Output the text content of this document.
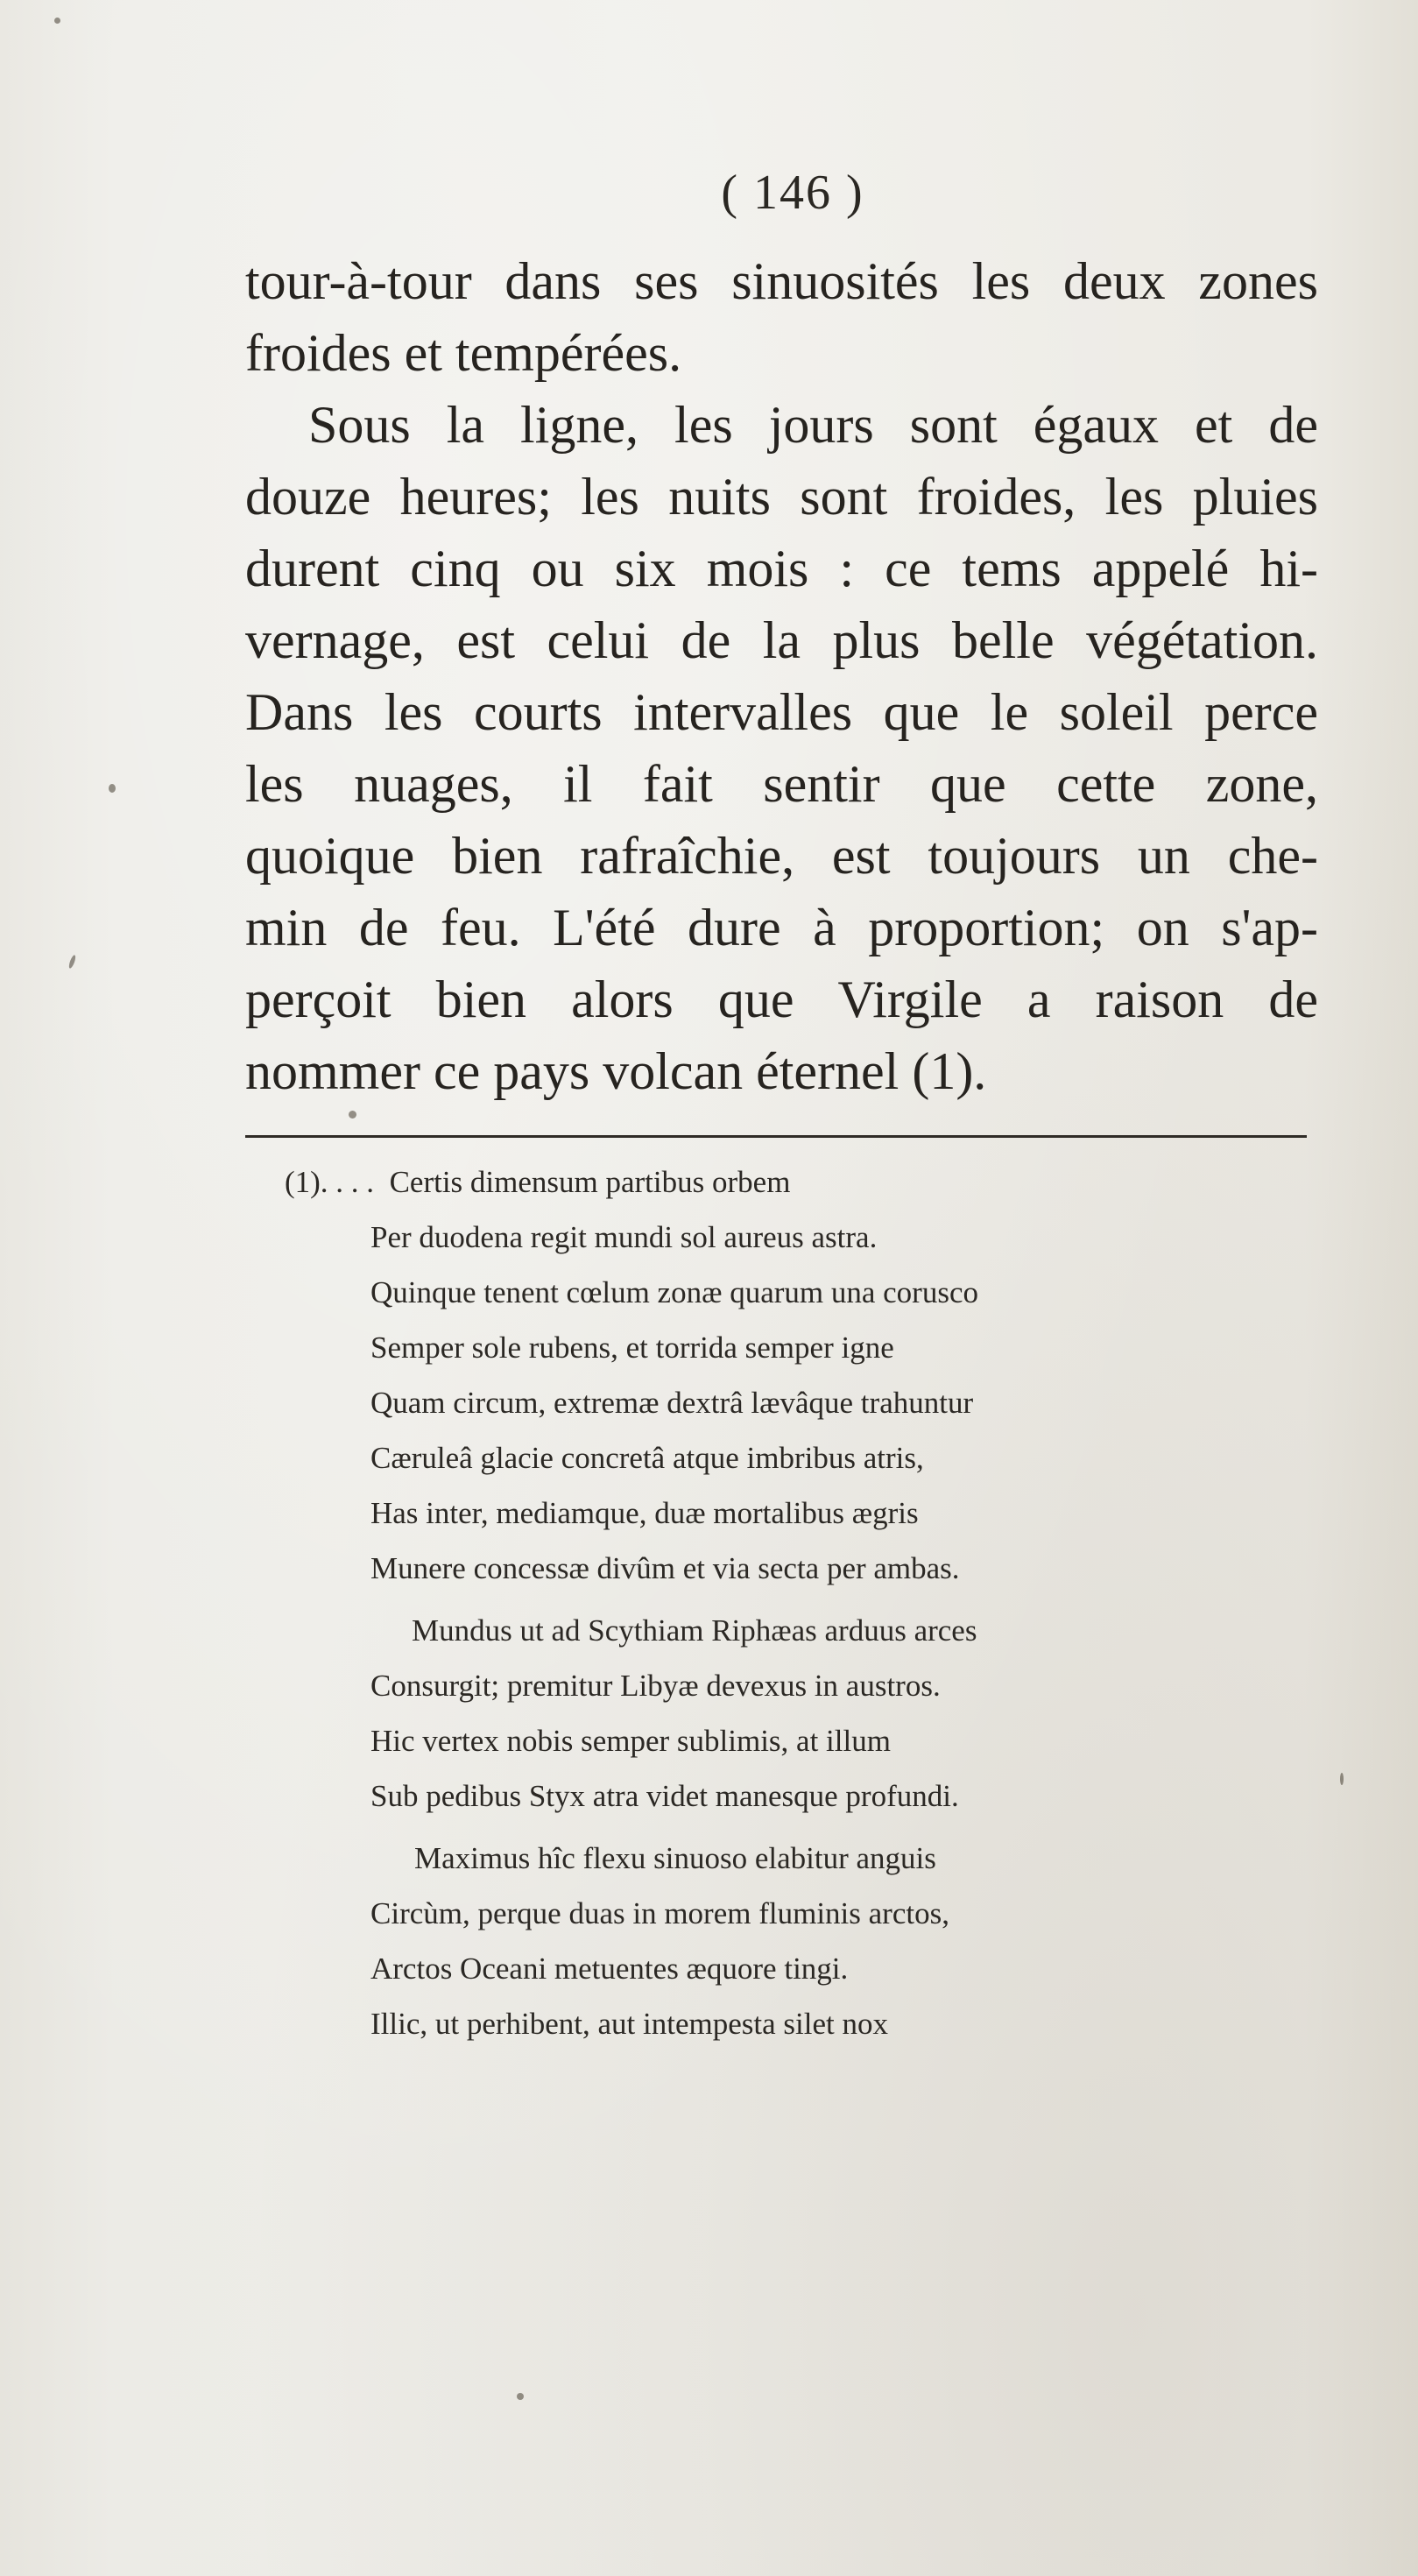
( 146 )
tour-à-tour dans ses sinuosités les deux zones
froides et tempérées.
Sous la ligne, les jours sont égaux et de
douze heures; les nuits sont froides, les pluies
durent cinq ou six mois : ce tems appelé hi-
vernage, est celui de la plus belle végétation.
Dans les courts intervalles que le soleil perce
les nuages, il fait sentir que cette zone,
quoique bien rafraîchie, est toujours un che-
min de feu. L'été dure à proportion; on s'ap-
perçoit bien alors que Virgile a raison de
nommer ce pays volcan éternel (1).
(1). . . . Certis dimensum partibus orbem
Per duodena regit mundi sol aureus astra.
Quinque tenent cœlum zonæ quarum una corusco
Semper sole rubens, et torrida semper igne
Quam circum, extremæ dextrâ lævâque trahuntur
Cæruleâ glacie concretâ atque imbribus atris,
Has inter, mediamque, duæ mortalibus ægris
Munere concessæ divûm et via secta per ambas.
Mundus ut ad Scythiam Riphæas arduus arces
Consurgit; premitur Libyæ devexus in austros.
Hic vertex nobis semper sublimis, at illum
Sub pedibus Styx atra videt manesque profundi.
Maximus hîc flexu sinuoso elabitur anguis
Circùm, perque duas in morem fluminis arctos,
Arctos Oceani metuentes æquore tingi.
Illic, ut perhibent, aut intempesta silet nox
